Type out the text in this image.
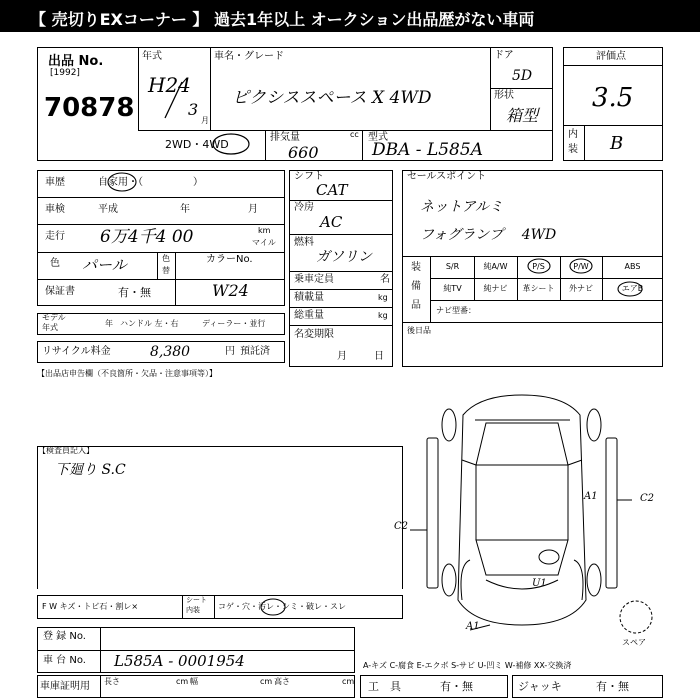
【 売切りEXコーナー 】 過去1年以上 オークション出品歴がない車両
出品 No.
[1992]
70878
年式
H24
3
月
車名・グレード
ピクシススペース X 4WD
ドア
5D
形状
箱型
2WD・4WD
排気量	cc
660
型式
DBA - L585A
評価点
3.5
内
装 B
車歴	自家用・（　　　　　）
車検	平成	年	月
走行 6万4千4 00	km
マイル
色 パール	色
替
カラーNo.
W24
保証書	有・無
モデル
年式	年 ハンドル 左・右	ディーラー・並行
リサイクル料金	8,380	円 預託済
シフト
CAT
冷房
AC
燃料
ガソリン
乗車定員	名
積載量	kg
総重量	kg
名変期限
月	日
セールスポイント
ネットアルミ
フォグランプ　 4WD
装
備
品
S/R	純A/W	P/S	P/W	ABS
純TV	純ナビ	革シート	外ナビ	エアB
ナビ型番：
後日品
【出品店申告欄（不良箇所・欠品・注意事項等）】
【検査員記入】
下廻り S.C
A1	C2
C2
U1
A1
スペア
F W キズ・トビ石・割レ×
シート
内装 コゲ・穴・汚レ・シミ・破レ・スレ
登 録 No.
車 台 No. L585A - 0001954	A-キズ C-腐食 E-エクボ S-サビ U-凹ミ W-補修 XX-交換済
車庫証明用 長さ	cm 幅	cm 高さ	cm 工　具	有・無	ジャッキ	有・無
